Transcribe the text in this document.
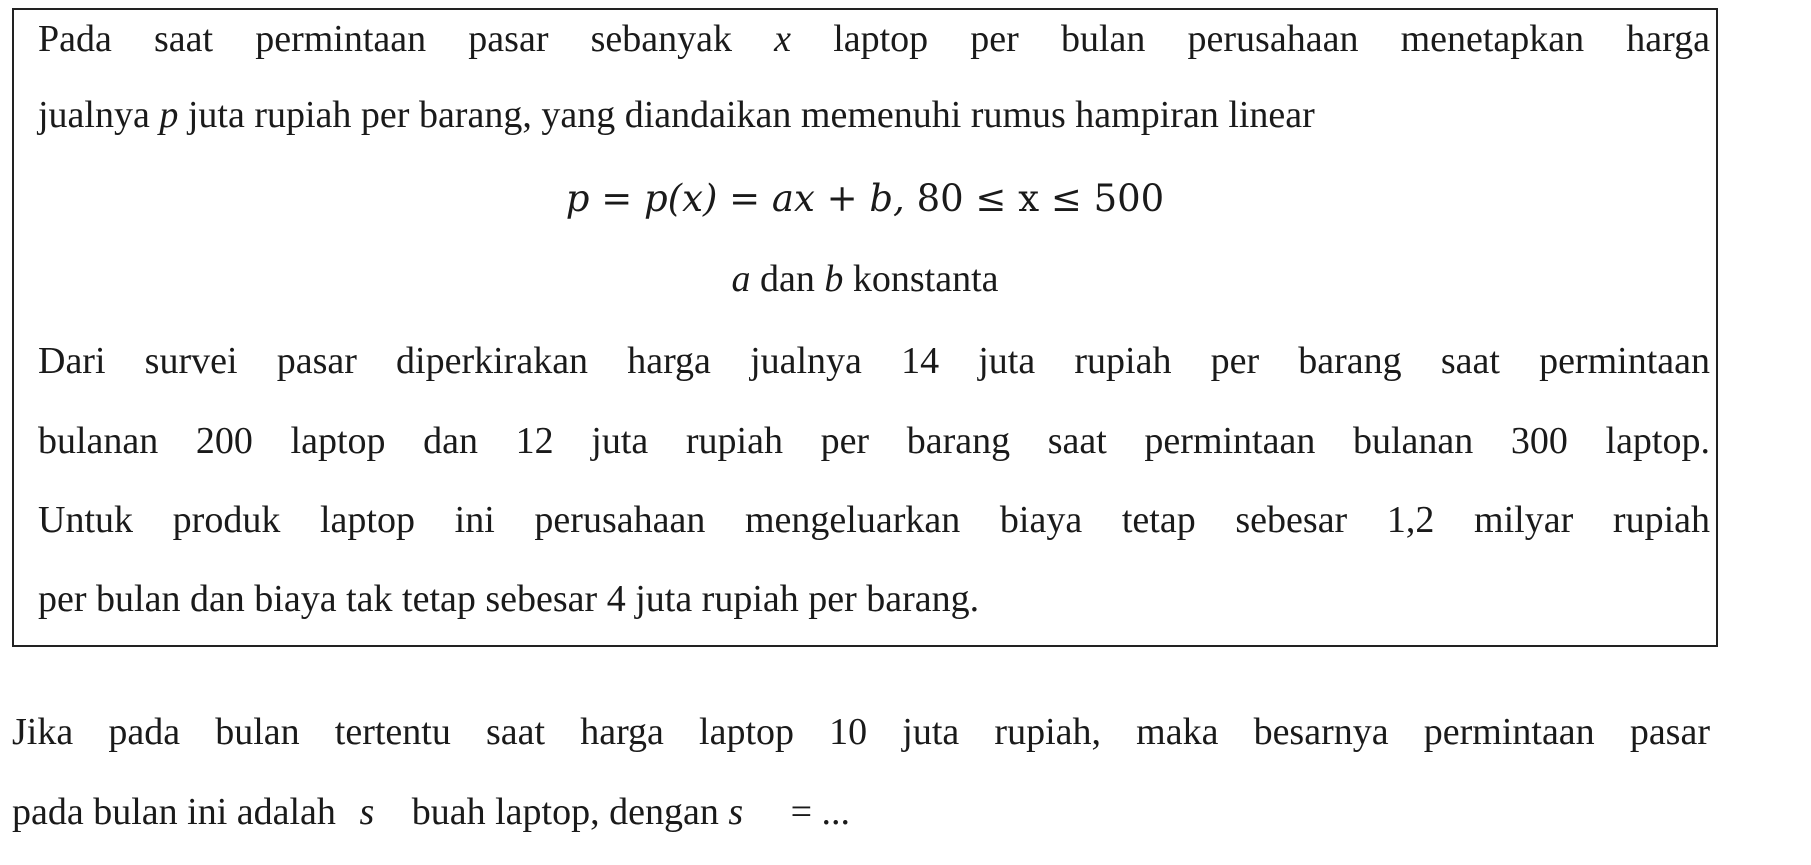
Pada saat permintaan pasar sebanyak x laptop per bulan perusahaan menetapkan harga
jualnya p juta rupiah per barang, yang diandaikan memenuhi rumus hampiran linear
p = p(x) = ax + b, 80 ≤ x ≤ 500
a dan b konstanta
Dari survei pasar diperkirakan harga jualnya 14 juta rupiah per barang saat permintaan
bulanan 200 laptop dan 12 juta rupiah per barang saat permintaan bulanan 300 laptop.
Untuk produk laptop ini perusahaan mengeluarkan biaya tetap sebesar 1,2 milyar rupiah
per bulan dan biaya tak tetap sebesar 4 juta rupiah per barang.
Jika pada bulan tertentu saat harga laptop 10 juta rupiah, maka besarnya permintaan pasar
pada bulan ini adalah s buah laptop, dengan s = ...
